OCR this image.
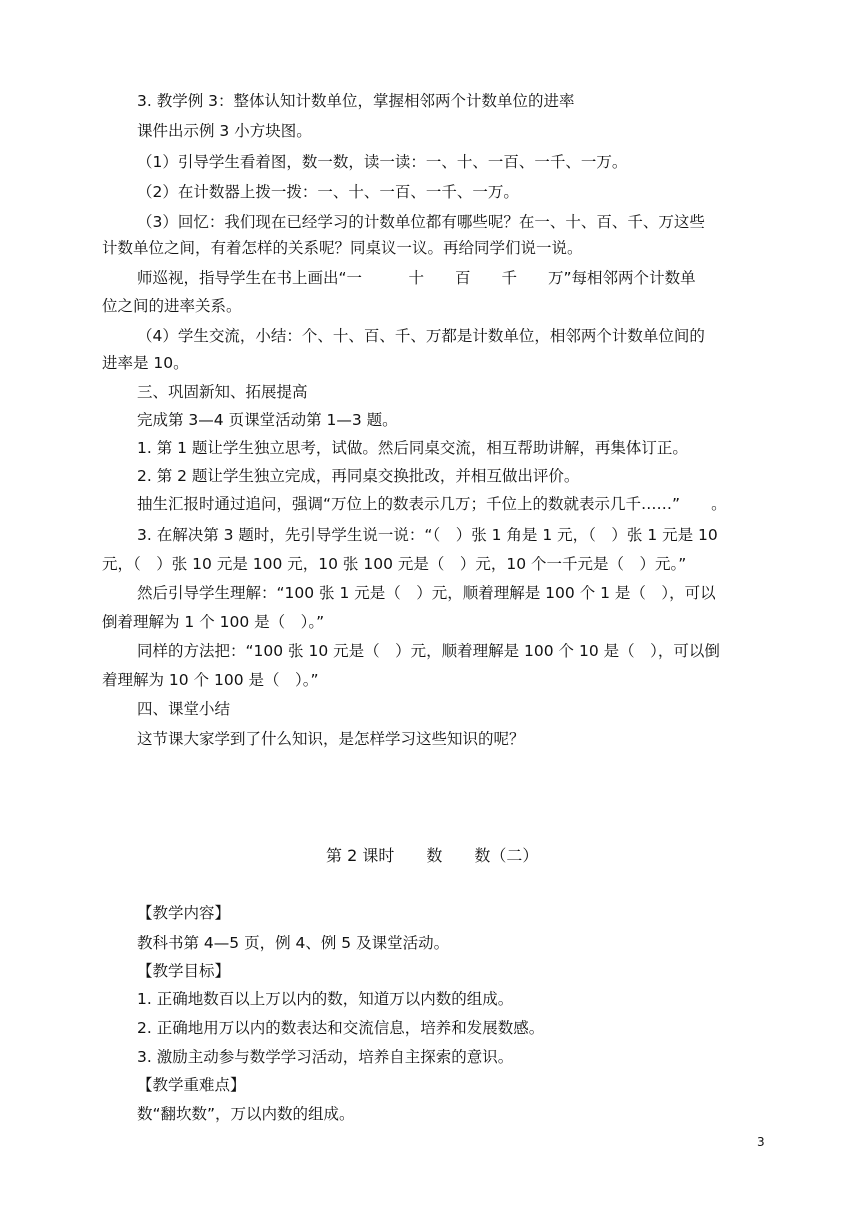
3. 教学例 3：整体认知计数单位，掌握相邻两个计数单位的进率
课件出示例 3 小方块图。
（1）引导学生看着图，数一数，读一读：一、十、一百、一千、一万。
（2）在计数器上拨一拨：一、十、一百、一千、一万。
（3）回忆：我们现在已经学习的计数单位都有哪些呢？在一、十、百、千、万这些
计数单位之间，有着怎样的关系呢？同桌议一议。再给同学们说一说。
师巡视，指导学生在书上画出“一　　　十　　百　　千　　万”每相邻两个计数单
位之间的进率关系。
（4）学生交流，小结：个、十、百、千、万都是计数单位，相邻两个计数单位间的
进率是 10。
三、巩固新知、拓展提高
完成第 3—4 页课堂活动第 1—3 题。
1. 第 1 题让学生独立思考，试做。然后同桌交流，相互帮助讲解，再集体订正。
2. 第 2 题让学生独立完成，再同桌交换批改，并相互做出评价。
抽生汇报时通过追问，强调“万位上的数表示几万；千位上的数就表示几千……”　　。
3. 在解决第 3 题时，先引导学生说一说：“（　）张 1 角是 1 元，（　）张 1 元是 10
元，（　）张 10 元是 100 元，10 张 100 元是（　）元，10 个一千元是（　）元。”
然后引导学生理解：“100 张 1 元是（　）元，顺着理解是 100 个 1 是（　），可以
倒着理解为 1 个 100 是（　）。”
同样的方法把：“100 张 10 元是（　）元，顺着理解是 100 个 10 是（　），可以倒
着理解为 10 个 100 是（　）。”
四、课堂小结
这节课大家学到了什么知识，是怎样学习这些知识的呢？
第 2 课时　　数　　数（二）
【教学内容】
教科书第 4—5 页，例 4、例 5 及课堂活动。
【教学目标】
1. 正确地数百以上万以内的数，知道万以内数的组成。
2. 正确地用万以内的数表达和交流信息，培养和发展数感。
3. 激励主动参与数学学习活动，培养自主探索的意识。
【教学重难点】
数“翻坎数”，万以内数的组成。
3
